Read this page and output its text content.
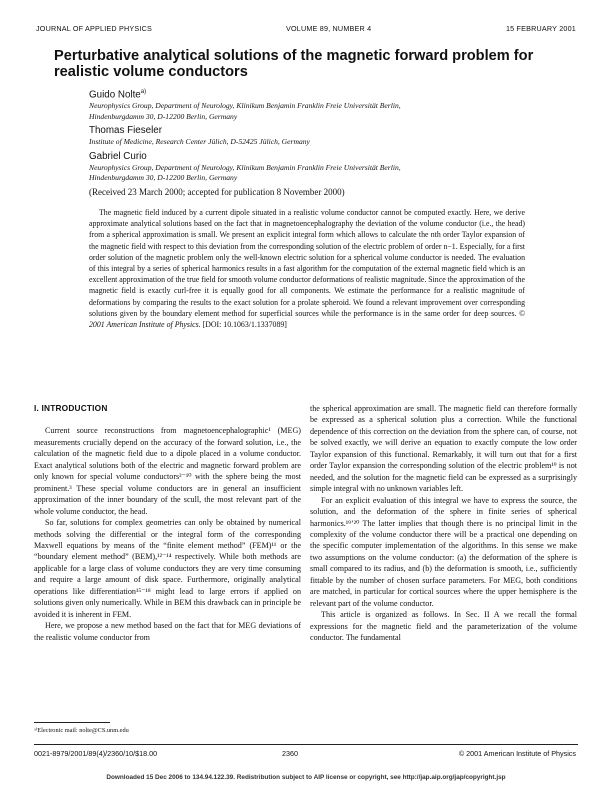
JOURNAL OF APPLIED PHYSICS	VOLUME 89, NUMBER 4	15 FEBRUARY 2001
Perturbative analytical solutions of the magnetic forward problem for realistic volume conductors
Guido Nolte$^{a)}$
Neurophysics Group, Department of Neurology, Klinikum Benjamin Franklin Freie Universität Berlin,
Hindenburgdamm 30, D-12200 Berlin, Germany
Thomas Fieseler
Institute of Medicine, Research Center Jülich, D-52425 Jülich, Germany
Gabriel Curio
Neurophysics Group, Department of Neurology, Klinikum Benjamin Franklin Freie Universität Berlin,
Hindenburgdamm 30, D-12200 Berlin, Germany
(Received 23 March 2000; accepted for publication 8 November 2000)

The magnetic field induced by a current dipole situated in a realistic volume conductor cannot be computed exactly. Here, we derive approximate analytical solutions based on the fact that in magnetoencephalography the deviation of the volume conductor (i.e., the head) from a spherical approximation is small. We present an explicit integral form which allows to calculate the nth order Taylor expansion of the magnetic field with respect to this deviation from the corresponding solution of the electric problem of order n−1. Especially, for a first order solution of the magnetic problem only the well-known electric solution for a spherical volume conductor is needed. The evaluation of this integral by a series of spherical harmonics results in a fast algorithm for the computation of the external magnetic field which is an excellent approximation of the true field for smooth volume conductor deformations of realistic magnitude. Since the approximation of the magnetic field is exactly curl-free it is equally good for all components. We estimate the performance for a realistic magnitude of deformations by comparing the results to the exact solution for a prolate spheroid. We found a relevant improvement over corresponding solutions given by the boundary element method for superficial sources while the performance is in the same order for deep sources. © 2001 American Institute of Physics. [DOI: 10.1063/1.1337089]

I. INTRODUCTION

Current source reconstructions from magnetoencephalographic¹ (MEG) measurements crucially depend on the accuracy of the forward solution, i.e., the calculation of the magnetic field due to a dipole placed in a volume conductor. Exact analytical solutions both of the electric and magnetic forward problem are only known for special volume conductors²⁻¹⁰ with the sphere being the most prominent.³ These special volume conductors are in general an insufficient approximation of the inner boundary of the scull, the most relevant part of the whole volume conductor, the head.

So far, solutions for complex geometries can only be obtained by numerical methods solving the differential or the integral form of the corresponding Maxwell equations by means of the “finite element method” (FEM)¹¹ or the “boundary element method” (BEM),¹²⁻¹⁴ respectively. While both methods are applicable for a large class of volume conductors they are very time consuming and require a large amount of disk space. Furthermore, originally analytical operations like differentiation¹⁵⁻¹⁸ might lead to large errors if applied on solutions given only numerically. While in BEM this drawback can in principle be avoided it is inherent in FEM.

Here, we propose a new method based on the fact that for MEG deviations of the realistic volume conductor from

the spherical approximation are small. The magnetic field can therefore formally be expressed as a spherical solution plus a correction. While the functional dependence of this correction on the deviation from the sphere can, of course, not be solved exactly, we will derive an equation to exactly compute the low order Taylor expansion of this functional. Remarkably, it will turn out that for a first order Taylor expansion the corresponding solution of the electric problem¹⁹ is not needed, and the solution for the magnetic field can be expressed as a surprisingly simple integral with no unknown variables left.

For an explicit evaluation of this integral we have to express the source, the solution, and the deformation of the sphere in finite series of spherical harmonics.¹⁹ʼ²⁰ The latter implies that though there is no principal limit in the complexity of the volume conductor there will be a practical one depending on the specific computer implementation of the algorithms. In this sense we make two assumptions on the volume conductor: (a) the deformation of the sphere is small compared to its radius, and (b) the deformation is smooth, i.e., sufficiently fittable by the number of chosen surface parameters. For MEG, both conditions are matched, in particular for cortical sources where the upper hemisphere is the relevant part of the volume conductor.

This article is organized as follows. In Sec. II A we recall the formal expressions for the magnetic field and the parameterization of the volume conductor. The fundamental

ᵃ⁾Electronic mail: nolte@CS.unm.edu
0021-8979/2001/89(4)/2360/10/$18.00	2360	© 2001 American Institute of Physics
Downloaded 15 Dec 2006 to 134.94.122.39. Redistribution subject to AIP license or copyright, see http://jap.aip.org/jap/copyright.jsp
